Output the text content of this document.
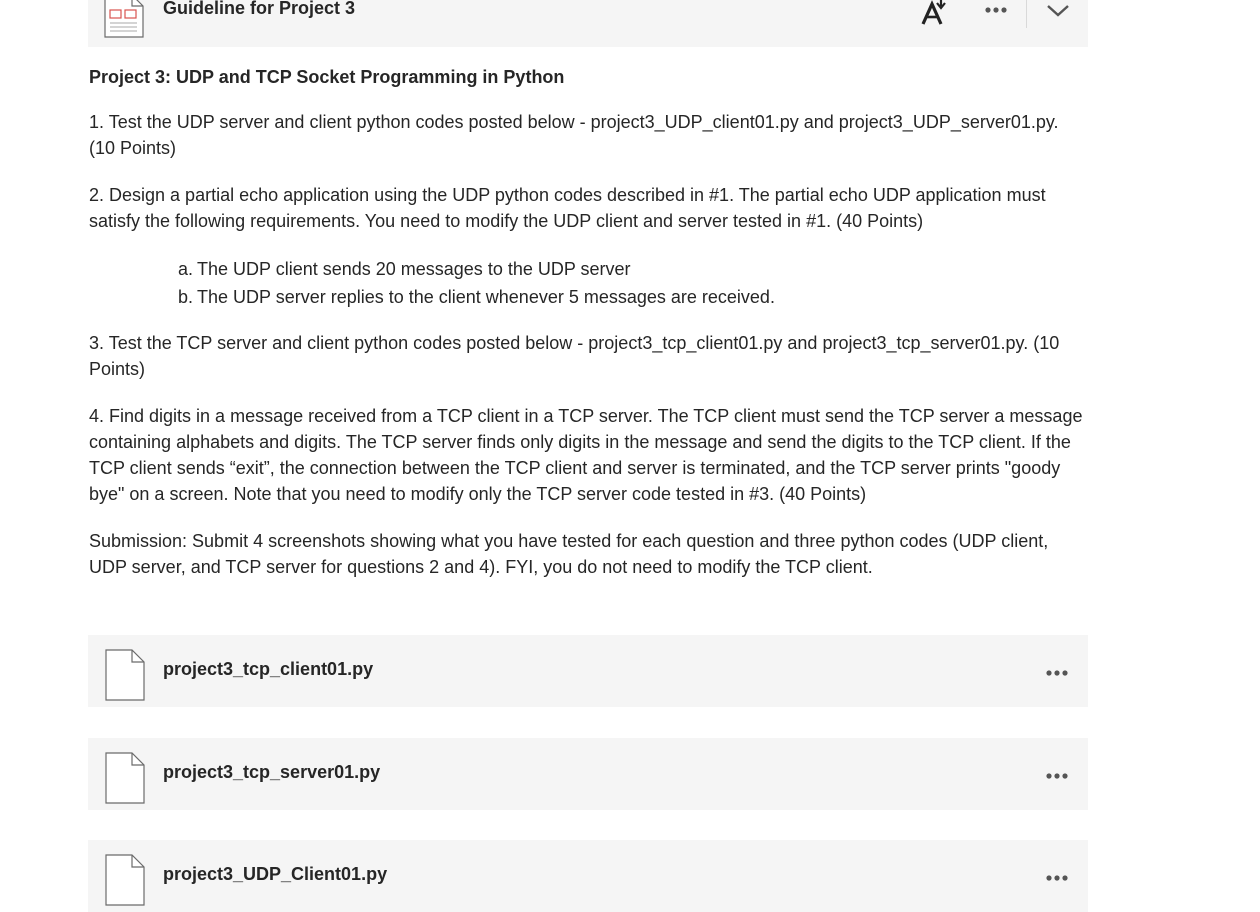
Guideline for Project 3

Project 3: UDP and TCP Socket Programming in Python

1. Test the UDP server and client python codes posted below - project3_UDP_client01.py and project3_UDP_server01.py. (10 Points)

2. Design a partial echo application using the UDP python codes described in #1. The partial echo UDP application must satisfy the following requirements. You need to modify the UDP client and server tested in #1. (40 Points)

a. The UDP client sends 20 messages to the UDP server
b. The UDP server replies to the client whenever 5 messages are received.

3. Test the TCP server and client python codes posted below - project3_tcp_client01.py and project3_tcp_server01.py. (10 Points)

4. Find digits in a message received from a TCP client in a TCP server. The TCP client must send the TCP server a message containing alphabets and digits. The TCP server finds only digits in the message and send the digits to the TCP client. If the TCP client sends “exit”, the connection between the TCP client and server is terminated, and the TCP server prints "goody bye" on a screen. Note that you need to modify only the TCP server code tested in #3. (40 Points)

Submission: Submit 4 screenshots showing what you have tested for each question and three python codes (UDP client, UDP server, and TCP server for questions 2 and 4). FYI, you do not need to modify the TCP client.

project3_tcp_client01.py
project3_tcp_server01.py
project3_UDP_Client01.py
